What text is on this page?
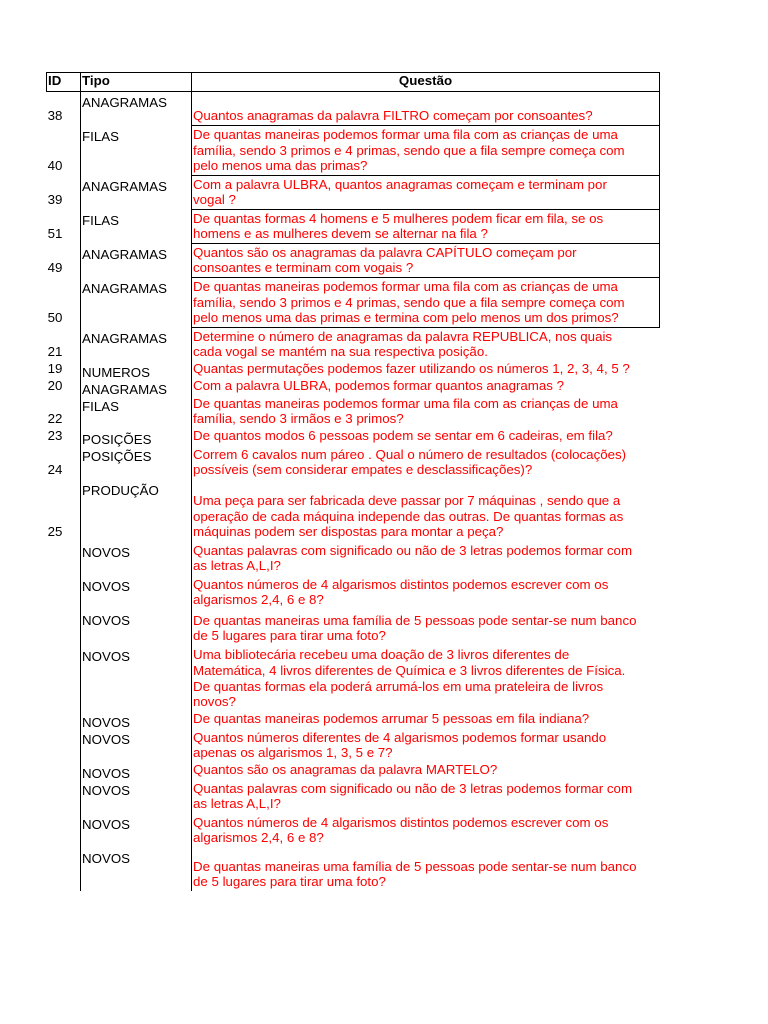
ID	Tipo	Questão
Quantos anagramas da palavra FILTRO começam por consoantes?
ANAGRAMAS
38
De quantas maneiras podemos formar uma fila com as crianças de uma
família, sendo 3 primos e 4 primas, sendo que a fila sempre começa com
pelo menos uma das primas?
FILAS
40
Com a palavra ULBRA, quantos anagramas começam e terminam por
vogal ?
ANAGRAMAS
39
De quantas formas 4 homens e 5 mulheres podem ficar em fila, se os
homens e as mulheres devem se alternar na fila ?
FILAS
51
Quantos são os anagramas da palavra CAPÍTULO começam por
consoantes e terminam com vogais ?
ANAGRAMAS
49
De quantas maneiras podemos formar uma fila com as crianças de uma
família, sendo 3 primos e 4 primas, sendo que a fila sempre começa com
pelo menos uma das primas e termina com pelo menos um dos primos?
ANAGRAMAS
50
Determine o número de anagramas da palavra REPUBLICA, nos quais
cada vogal se mantém na sua respectiva posição.
ANAGRAMAS
21
Quantas permutações podemos fazer utilizando os números 1, 2, 3, 4, 5 ?
NUMEROS
19
Com a palavra ULBRA, podemos formar quantos anagramas ?
ANAGRAMAS
20
De quantas maneiras podemos formar uma fila com as crianças de uma
família, sendo 3 irmãos e 3 primos?
FILAS
22
De quantos modos 6 pessoas podem se sentar em 6 cadeiras, em fila?
POSIÇÕES
23
Correm 6 cavalos num páreo . Qual o número de resultados (colocações)
possíveis (sem considerar empates e desclassificações)?
POSIÇÕES
24
Uma peça para ser fabricada deve passar por 7 máquinas , sendo que a
operação de cada máquina independe das outras. De quantas formas as
máquinas podem ser dispostas para montar a peça?
PRODUÇÃO
25
Quantas palavras com significado ou não de 3 letras podemos formar com
as letras A,L,I?
NOVOS
Quantos números de 4 algarismos distintos podemos escrever com os
algarismos 2,4, 6 e 8?
NOVOS
De quantas maneiras uma família de 5 pessoas pode sentar-se num banco
de 5 lugares para tirar uma foto?
NOVOS
Uma bibliotecária recebeu uma doação de 3 livros diferentes de
Matemática, 4 livros diferentes de Química e 3 livros diferentes de Física.
De quantas formas ela poderá arrumá-los em uma prateleira de livros
novos?
NOVOS
De quantas maneiras podemos arrumar 5 pessoas em fila indiana?
NOVOS
Quantos números diferentes de 4 algarismos podemos formar usando
apenas os algarismos 1, 3, 5 e 7?
NOVOS
Quantos são os anagramas da palavra MARTELO?
NOVOS
Quantas palavras com significado ou não de 3 letras podemos formar com
as letras A,L,I?
NOVOS
Quantos números de 4 algarismos distintos podemos escrever com os
algarismos 2,4, 6 e 8?
NOVOS
De quantas maneiras uma família de 5 pessoas pode sentar-se num banco
de 5 lugares para tirar uma foto?
NOVOS
